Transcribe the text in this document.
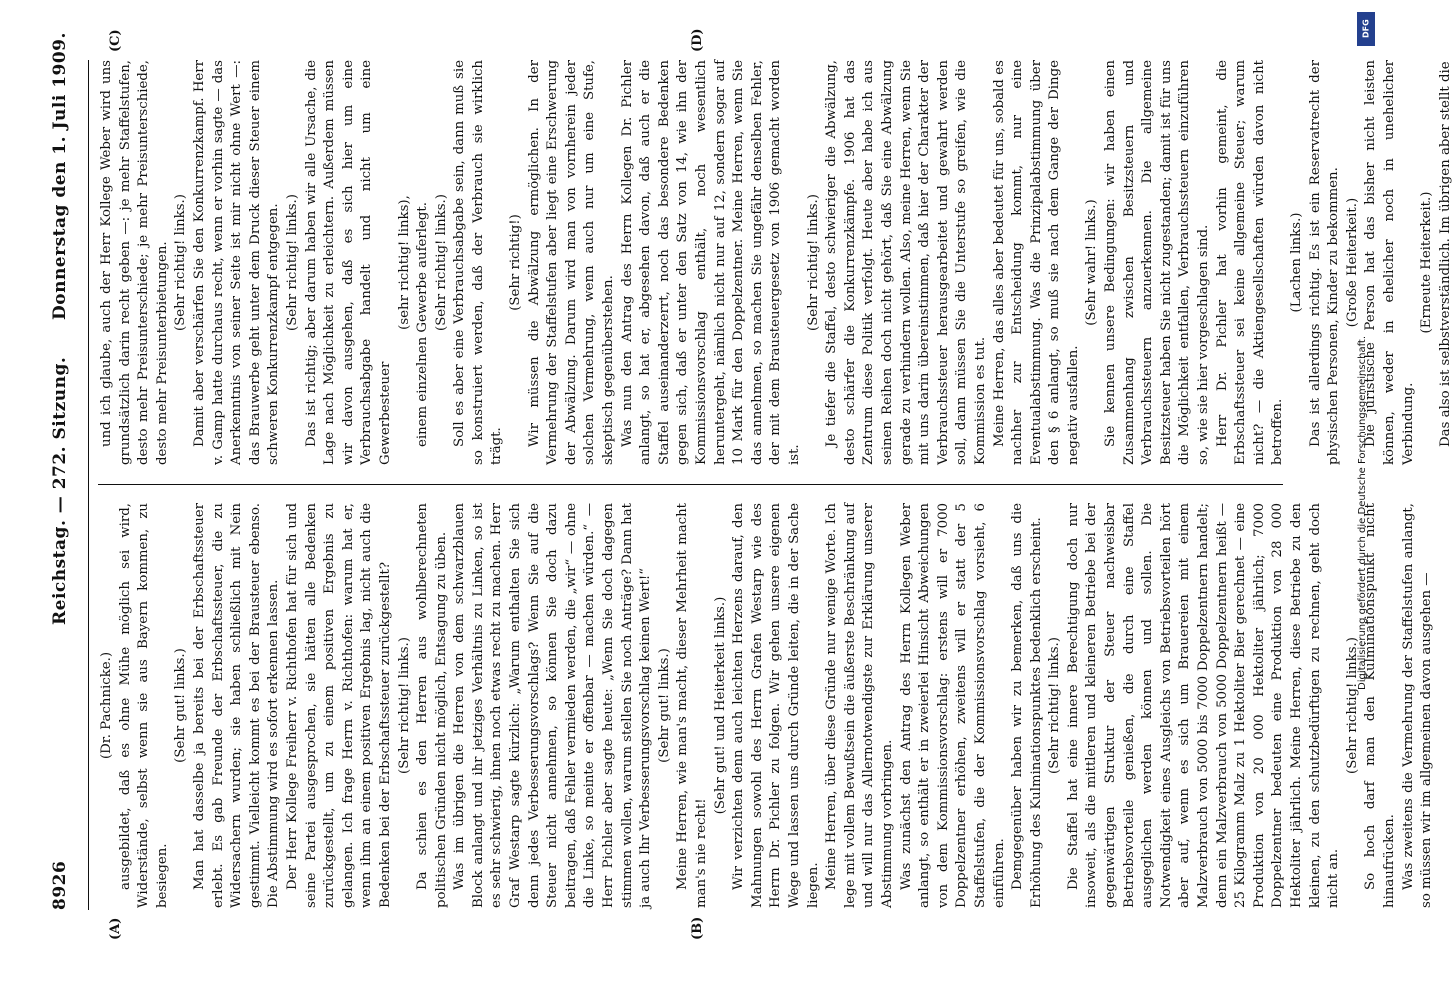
8926
Reichstag. — 272. Sitzung.
Donnerstag den 1. Juli 1909.
(A)	(B)
(C)	(D)

(Dr. Pachnicke.) ausgebildet, daß es ohne Mühe möglich sei wird, Widerstände, selbst wenn sie aus Bayern kommen, zu besiegen.

(Sehr gut! links.) Man hat dasselbe ja bereits bei der Erbschaftssteuer erlebt. Es gab Freunde der Erbschaftssteuer, die zu Widersachern wurden; sie haben schließlich mit Nein gestimmt. Vielleicht kommt es bei der Brausteuer ebenso. Die Abstimmung wird es sofort erkennen lassen. Der Herr Kollege Freiherr v. Richthofen hat für sich und seine Partei ausgesprochen, sie hätten alle Bedenken zurückgestellt, um zu einem positiven Ergebnis zu gelangen. Ich frage Herrn v. Richthofen: warum hat er, wenn ihm an einem positiven Ergebnis lag, nicht auch die Bedenken bei der Erbschaftssteuer zurückgestellt? (Sehr richtig! links.) Da schien es den Herren aus wohlberechneten politischen Gründen nicht möglich, Entsagung zu üben. Was im übrigen die Herren von dem schwarzblauen Block anlangt und ihr jetziges Verhältnis zu Linken, so ist es sehr schwierig, ihnen noch etwas recht zu machen. Herr Graf Westarp sagte kürzlich: „Warum enthalten Sie sich denn jedes Verbesserungsvorschlags? Wenn Sie auf die Steuer nicht annehmen, so können Sie doch dazu beitragen, daß Fehler vermieden werden, die „wir“ — ohne die Linke, so meinte er offenbar — machen würden.“ — Herr Pichler aber sagte heute: „Wenn Sie doch dagegen stimmen wollen, warum stellen Sie noch Anträge? Dann hat ja auch Ihr Verbesserungsvorschlag keinen Wert!“ (Sehr gut! links.) Meine Herren, wie man's macht, dieser Mehrheit macht man's nie recht!

(Sehr gut! und Heiterkeit links.) Wir verzichten denn auch leichten Herzens darauf, den Mahnungen sowohl des Herrn Grafen Westarp wie des Herrn Dr. Pichler zu folgen. Wir gehen unsere eigenen Wege und lassen uns durch Gründe leiten, die in der Sache liegen. Meine Herren, über diese Gründe nur wenige Worte. Ich lege mit vollem Bewußtsein die äußerste Beschränkung auf und will nur das Allernotwendigste zur Erklärung unserer Abstimmung vorbringen. Was zunächst den Antrag des Herrn Kollegen Weber anlangt, so enthält er in zweierlei Hinsicht Abweichungen von dem Kommissionsvorschlag: erstens will er 7000 Doppelzentner erhöhen, zweitens will er statt der 5 Staffelstufen, die der Kommissionsvorschlag vorsieht, 6 einführen. Demgegenüber haben wir zu bemerken, daß uns die Erhöhung des Kulminationspunktes bedenklich erscheint. (Sehr richtig! links.) Die Staffel hat eine innere Berechtigung doch nur insoweit, als die mittleren und kleineren Betriebe bei der gegenwärtigen Struktur der Steuer nachweisbar Betriebsvorteile genießen, die durch eine Staffel ausgeglichen werden können und sollen. Die Notwendigkeit eines Ausgleichs von Betriebsvorteilen hört aber auf, wenn es sich um Brauereien mit einem Malzverbrauch von 5000 bis 7000 Doppelzentnern handelt; denn ein Malzverbrauch von 5000 Doppelzentnern heißt — 25 Kilogramm Malz zu 1 Hektoliter Bier gerechnet — eine Produktion von 20 000 Hektoliter jährlich; 7000 Doppelzentner bedeuten eine Produktion von 28 000 Hektoliter jährlich. Meine Herren, diese Betriebe zu den kleinen, zu den schutzbedürftigen zu rechnen, geht doch nicht an.

(Sehr richtig! links.) So hoch darf man den Kulminationspunkt nicht hinaufrücken. Was zweitens die Vermehrung der Staffelstufen anlangt, so müssen wir im allgemeinen davon ausgehen —

und ich glaube, auch der Herr Kollege Weber wird uns grundsätzlich darin recht geben —: je mehr Staffelstufen, desto mehr Preisunterschiede; je mehr Preisunterschiede, desto mehr Preisunterbietungen. (Sehr richtig! links.) Damit aber verschärfen Sie den Konkurrenzkampf. Herr v. Gamp hatte durchaus recht, wenn er vorhin sagte — das Anerkenntnis von seiner Seite ist mir nicht ohne Wert —: das Brauwerbe geht unter dem Druck dieser Steuer einem schweren Konkurrenzkampf entgegen. (Sehr richtig! links.) Das ist richtig; aber darum haben wir alle Ursache, die Lage nach Möglichkeit zu erleichtern. Außerdem müssen wir davon ausgehen, daß es sich hier um eine Verbrauchsabgabe handelt und nicht um eine Gewerbesteuer

(sehr richtig! links), einem einzelnen Gewerbe auferlegt. (Sehr richtig! links.) Soll es aber eine Verbrauchsabgabe sein, dann muß sie so konstruiert werden, daß der Verbrauch sie wirklich trägt.

(Sehr richtig!) Wir müssen die Abwälzung ermöglichen. In der Vermehrung der Staffelstufen aber liegt eine Erschwerung der Abwälzung. Darum wird man von vornherein jeder solchen Vermehrung, wenn auch nur um eine Stufe, skeptisch gegenüberstehen. Was nun den Antrag des Herrn Kollegen Dr. Pichler anlangt, so hat er, abgesehen davon, daß auch er die Staffel auseinanderzerrt, noch das besondere Bedenken gegen sich, daß er unter den Satz von 14, wie ihn der Kommissionsvorschlag enthält, noch wesentlich heruntergeht, nämlich nicht nur auf 12, sondern sogar auf 10 Mark für den Doppelzentner. Meine Herren, wenn Sie das annehmen, so machen Sie ungefähr denselben Fehler, der mit dem Brausteuergesetz von 1906 gemacht worden ist.

(Sehr richtig! links.) Je tiefer die Staffel, desto schwieriger die Abwälzung, desto schärfer die Konkurrenzkämpfe. 1906 hat das Zentrum diese Politik verfolgt. Heute aber habe ich aus seinen Reihen doch nicht gehört, daß Sie eine Abwälzung gerade zu verhindern wollen. Also, meine Herren, wenn Sie mit uns darin übereinstimmen, daß hier der Charakter der Verbrauchssteuer herausgearbeitet und gewahrt werden soll, dann müssen Sie die Unterstufe so greifen, wie die Kommission es tut. Meine Herren, das alles aber bedeutet für uns, sobald es nachher zur Entscheidung kommt, nur eine Eventualabstimmung. Was die Prinzipalabstimmung über den § 6 anlangt, so muß sie nach dem Gange der Dinge negativ ausfallen.

(Sehr wahr! links.) Sie kennen unsere Bedingungen: wir haben einen Zusammenhang zwischen Besitzsteuern und Verbrauchssteuern anzuerkennen. Die allgemeine Besitzsteuer haben Sie nicht zugestanden; damit ist für uns die Möglichkeit entfallen, Verbrauchssteuern einzuführen so, wie sie hier vorgeschlagen sind. Herr Dr. Pichler hat vorhin gemeint, die Erbschaftssteuer sei keine allgemeine Steuer; warum nicht? — die Aktiengesellschaften würden davon nicht betroffen.

(Lachen links.) Das ist allerdings richtig. Es ist ein Reservatrecht der physischen Personen, Kinder zu bekommen. (Große Heiterkeit.) Die juristische Person hat das bisher nicht leisten können, weder in ehelicher noch in unehelicher Verbindung.

(Erneute Heiterkeit.) Das also ist selbstverständlich. Im übrigen aber stellt die

DFG
Digitalisierung gefördert durch die Deutsche Forschungsgemeinschaft.
